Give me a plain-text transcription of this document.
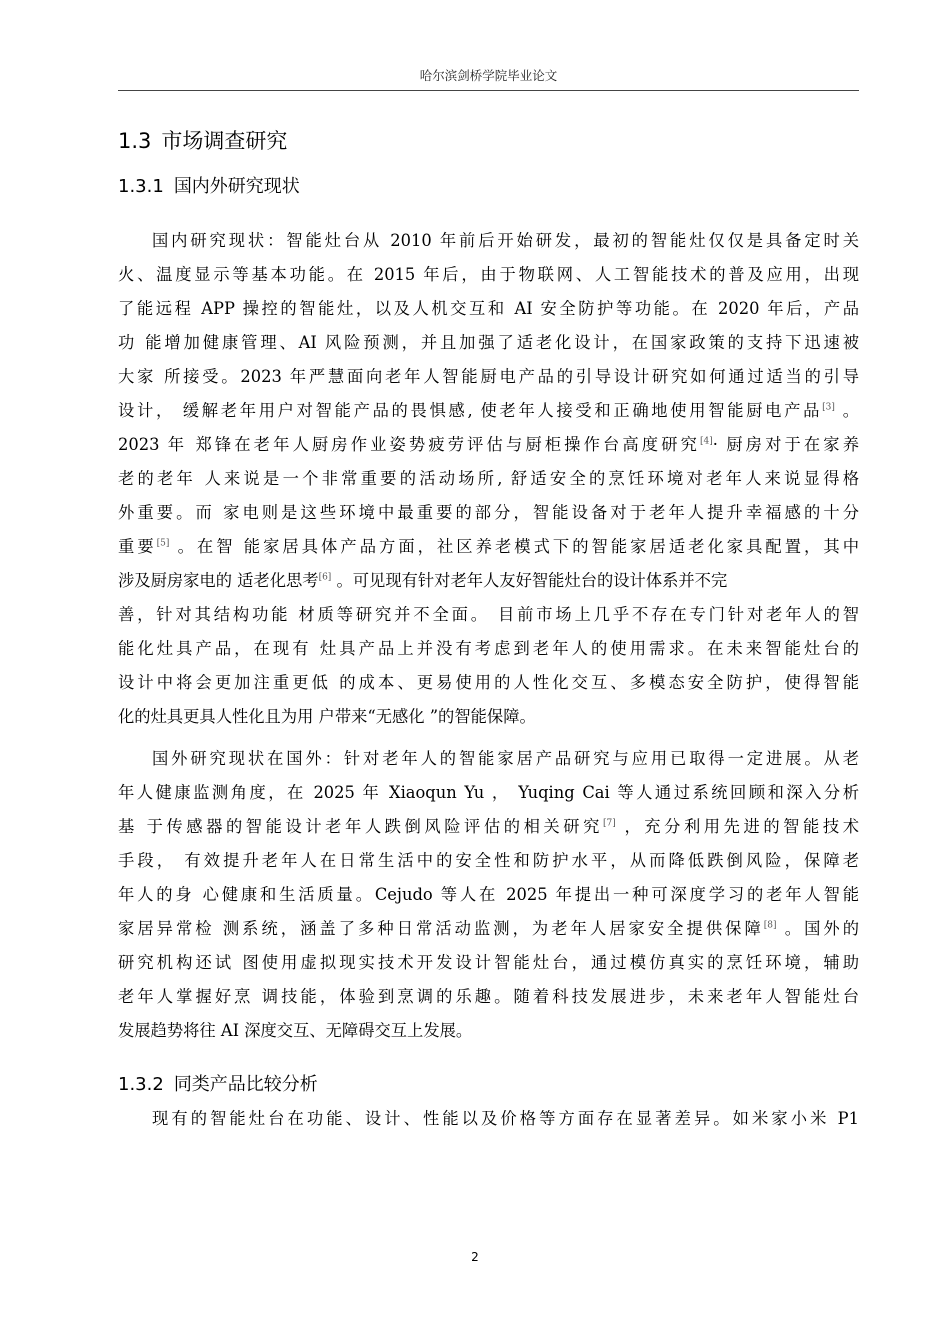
哈尔滨剑桥学院毕业论文
1.3 市场调查研究
1.3.1 国内外研究现状
国内研究现状：智能灶台从 2010 年前后开始研发，最初的智能灶仅仅是具备定时关
火、温度显示等基本功能。在 2015 年后，由于物联网、人工智能技术的普及应用，出现
了能远程 APP 操控的智能灶，以及人机交互和 AI 安全防护等功能。在 2020 年后，产品
功 能增加健康管理、AI 风险预测，并且加强了适老化设计，在国家政策的支持下迅速被
大家 所接受。2023 年严慧面向老年人智能厨电产品的引导设计研究如何通过适当的引导
设计， 缓解老年用户对智能产品的畏惧感, 使老年人接受和正确地使用智能厨电产品[3] 。
2023 年 郑锋在老年人厨房作业姿势疲劳评估与厨柜操作台高度研究[4]· 厨房对于在家养
老的老年 人来说是一个非常重要的活动场所, 舒适安全的烹饪环境对老年人来说显得格
外重要。而 家电则是这些环境中最重要的部分，智能设备对于老年人提升幸福感的十分
重要[5] 。在智 能家居具体产品方面，社区养老模式下的智能家居适老化家具配置，其中
涉及厨房家电的 适老化思考[6] 。可见现有针对老年人友好智能灶台的设计体系并不完
善，针对其结构功能 材质等研究并不全面。 目前市场上几乎不存在专门针对老年人的智
能化灶具产品，在现有 灶具产品上并没有考虑到老年人的使用需求。在未来智能灶台的
设计中将会更加注重更低 的成本、更易使用的人性化交互、多模态安全防护，使得智能
化的灶具更具人性化且为用 户带来“无感化 ”的智能保障。
国外研究现状在国外：针对老年人的智能家居产品研究与应用已取得一定进展。从老
年人健康监测角度，在 2025 年 Xiaoqun Yu ， Yuqing Cai 等人通过系统回顾和深入分析
基 于传感器的智能设计老年人跌倒风险评估的相关研究[7] ，充分利用先进的智能技术
手段， 有效提升老年人在日常生活中的安全性和防护水平，从而降低跌倒风险，保障老
年人的身 心健康和生活质量。Cejudo 等人在 2025 年提出一种可深度学习的老年人智能
家居异常检 测系统，涵盖了多种日常活动监测，为老年人居家安全提供保障[8] 。国外的
研究机构还试 图使用虚拟现实技术开发设计智能灶台，通过模仿真实的烹饪环境，辅助
老年人掌握好烹 调技能，体验到烹调的乐趣。随着科技发展进步，未来老年人智能灶台
发展趋势将往 AI 深度交互、无障碍交互上发展。
1.3.2 同类产品比较分析
现有的智能灶台在功能、设计、性能以及价格等方面存在显著差异。如米家小米 P1
2
